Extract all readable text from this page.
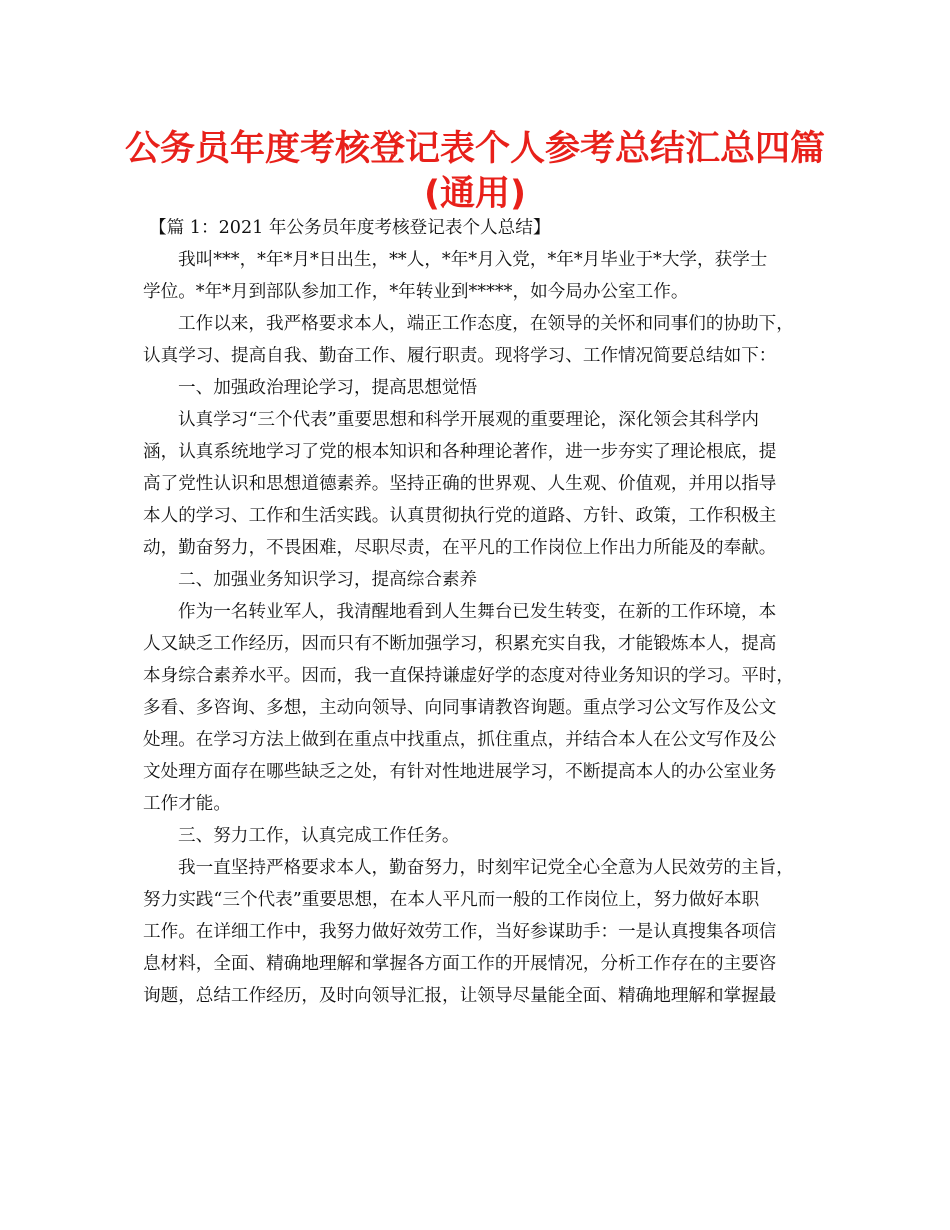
公务员年度考核登记表个人参考总结汇总四篇
(通用)
【篇 1：2021 年公务员年度考核登记表个人总结】
我叫***，*年*月*日出生，**人，*年*月入党，*年*月毕业于*大学，获学士
学位。*年*月到部队参加工作，*年转业到*****，如今局办公室工作。
工作以来，我严格要求本人，端正工作态度，在领导的关怀和同事们的协助下，
认真学习、提高自我、勤奋工作、履行职责。现将学习、工作情况简要总结如下：
一、加强政治理论学习，提高思想觉悟
认真学习“三个代表”重要思想和科学开展观的重要理论，深化领会其科学内
涵，认真系统地学习了党的根本知识和各种理论著作，进一步夯实了理论根底，提
高了党性认识和思想道德素养。坚持正确的世界观、人生观、价值观，并用以指导
本人的学习、工作和生活实践。认真贯彻执行党的道路、方针、政策，工作积极主
动，勤奋努力，不畏困难，尽职尽责，在平凡的工作岗位上作出力所能及的奉献。
二、加强业务知识学习，提高综合素养
作为一名转业军人，我清醒地看到人生舞台已发生转变，在新的工作环境，本
人又缺乏工作经历，因而只有不断加强学习，积累充实自我，才能锻炼本人，提高
本身综合素养水平。因而，我一直保持谦虚好学的态度对待业务知识的学习。平时，
多看、多咨询、多想，主动向领导、向同事请教咨询题。重点学习公文写作及公文
处理。在学习方法上做到在重点中找重点，抓住重点，并结合本人在公文写作及公
文处理方面存在哪些缺乏之处，有针对性地进展学习，不断提高本人的办公室业务
工作才能。
三、努力工作，认真完成工作任务。
我一直坚持严格要求本人，勤奋努力，时刻牢记党全心全意为人民效劳的主旨，
努力实践“三个代表”重要思想，在本人平凡而一般的工作岗位上，努力做好本职
工作。在详细工作中，我努力做好效劳工作，当好参谋助手：一是认真搜集各项信
息材料，全面、精确地理解和掌握各方面工作的开展情况，分析工作存在的主要咨
询题，总结工作经历，及时向领导汇报，让领导尽量能全面、精确地理解和掌握最
